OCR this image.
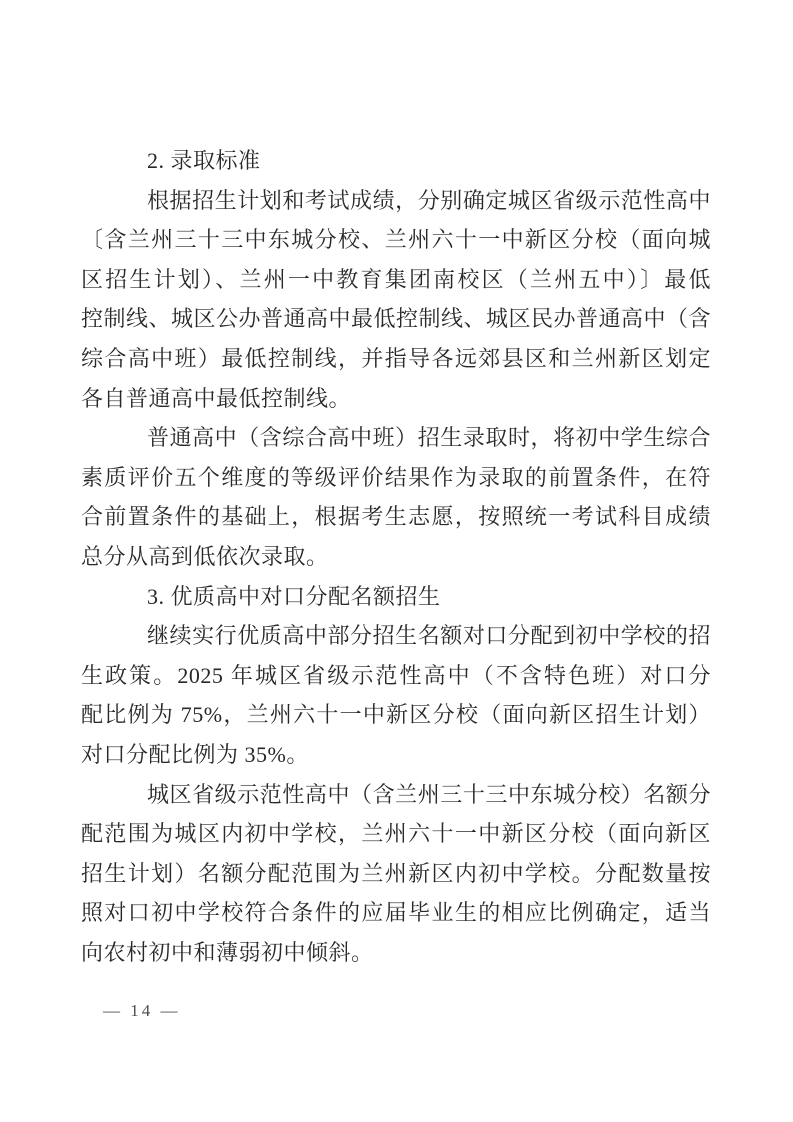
2. 录取标准
根据招生计划和考试成绩，分别确定城区省级示范性高中
〔含兰州三十三中东城分校、兰州六十一中新区分校（面向城
区招生计划）、兰州一中教育集团南校区（兰州五中）〕最低
控制线、城区公办普通高中最低控制线、城区民办普通高中（含
综合高中班）最低控制线，并指导各远郊县区和兰州新区划定
各自普通高中最低控制线。
普通高中（含综合高中班）招生录取时，将初中学生综合
素质评价五个维度的等级评价结果作为录取的前置条件，在符
合前置条件的基础上，根据考生志愿，按照统一考试科目成绩
总分从高到低依次录取。
3. 优质高中对口分配名额招生
继续实行优质高中部分招生名额对口分配到初中学校的招
生政策。2025 年城区省级示范性高中（不含特色班）对口分
配比例为 75%，兰州六十一中新区分校（面向新区招生计划）
对口分配比例为 35%。
城区省级示范性高中（含兰州三十三中东城分校）名额分
配范围为城区内初中学校，兰州六十一中新区分校（面向新区
招生计划）名额分配范围为兰州新区内初中学校。分配数量按
照对口初中学校符合条件的应届毕业生的相应比例确定，适当
向农村初中和薄弱初中倾斜。
— 14 —
